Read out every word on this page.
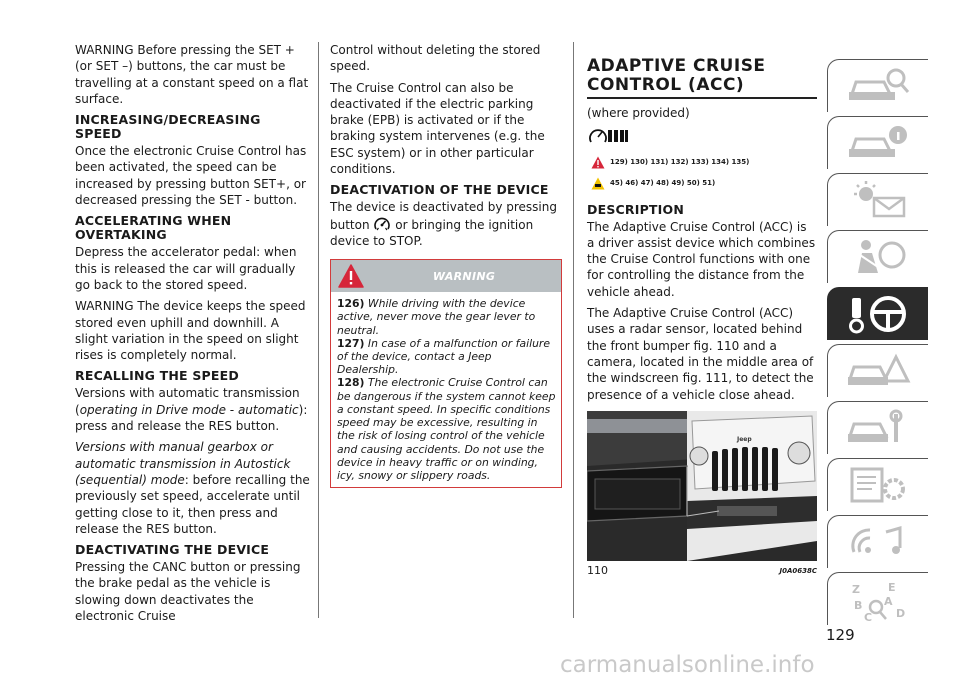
WARNING Before pressing the SET + (or SET –) buttons, the car must be travelling at a constant speed on a flat surface.

INCREASING/DECREASING SPEED

Once the electronic Cruise Control has been activated, the speed can be increased by pressing button SET+, or decreased pressing the SET - button.

ACCELERATING WHEN OVERTAKING

Depress the accelerator pedal: when this is released the car will gradually go back to the stored speed.

WARNING The device keeps the speed stored even uphill and downhill. A slight variation in the speed on slight rises is completely normal.

RECALLING THE SPEED

Versions with automatic transmission (operating in Drive mode - automatic): press and release the RES button.

Versions with manual gearbox or automatic transmission in Autostick (sequential) mode: before recalling the previously set speed, accelerate until getting close to it, then press and release the RES button.

DEACTIVATING THE DEVICE

Pressing the CANC button or pressing the brake pedal as the vehicle is slowing down deactivates the electronic Cruise

Control without deleting the stored speed.

The Cruise Control can also be deactivated if the electric parking brake (EPB) is activated or if the braking system intervenes (e.g. the ESC system) or in other particular conditions.

DEACTIVATION OF THE DEVICE

The device is deactivated by pressing button or bringing the ignition device to STOP.

WARNING

126) While driving with the device active, never move the gear lever to neutral.

127) In case of a malfunction or failure of the device, contact a Jeep Dealership.

128) The electronic Cruise Control can be dangerous if the system cannot keep a constant speed. In specific conditions speed may be excessive, resulting in the risk of losing control of the vehicle and causing accidents. Do not use the device in heavy traffic or on winding, icy, snowy or slippery roads.

ADAPTIVE CRUISE CONTROL (ACC)

(where provided)

129) 130) 131) 132) 133) 134) 135)
45) 46) 47) 48) 49) 50) 51)
DESCRIPTION

The Adaptive Cruise Control (ACC) is a driver assist device which combines the Cruise Control functions with one for controlling the distance from the vehicle ahead.

The Adaptive Cruise Control (ACC) uses a radar sensor, located behind the front bumper fig. 110 and a camera, located in the middle area of the windscreen fig. 111, to detect the presence of a vehicle close ahead.

Jeep
110	J0A0638C
Z	E
B A
C D
129
carmanualsonline.info
